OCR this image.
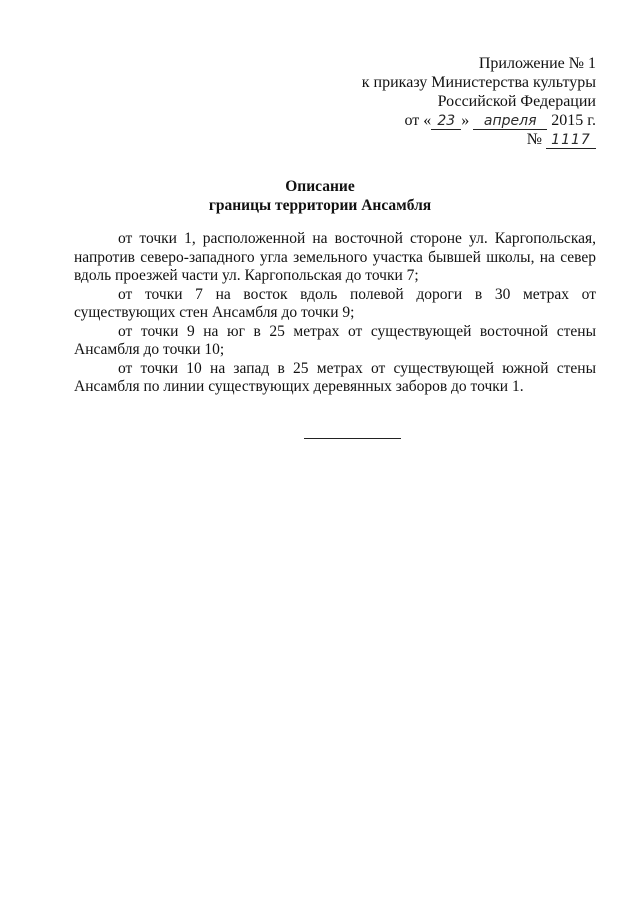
Приложение № 1
к приказу Министерства культуры
Российской Федерации
от « 23 » апреля 2015 г.
№ 1117
Описание
границы территории Ансамбля

от точки 1, расположенной на восточной стороне ул. Каргопольская, напротив северо-западного угла земельного участка бывшей школы, на север вдоль проезжей части ул. Каргопольская до точки 7;

от точки 7 на восток вдоль полевой дороги в 30 метрах от существующих стен Ансамбля до точки 9;

от точки 9 на юг в 25 метрах от существующей восточной стены Ансамбля до точки 10;

от точки 10 на запад в 25 метрах от существующей южной стены Ансамбля по линии существующих деревянных заборов до точки 1.
